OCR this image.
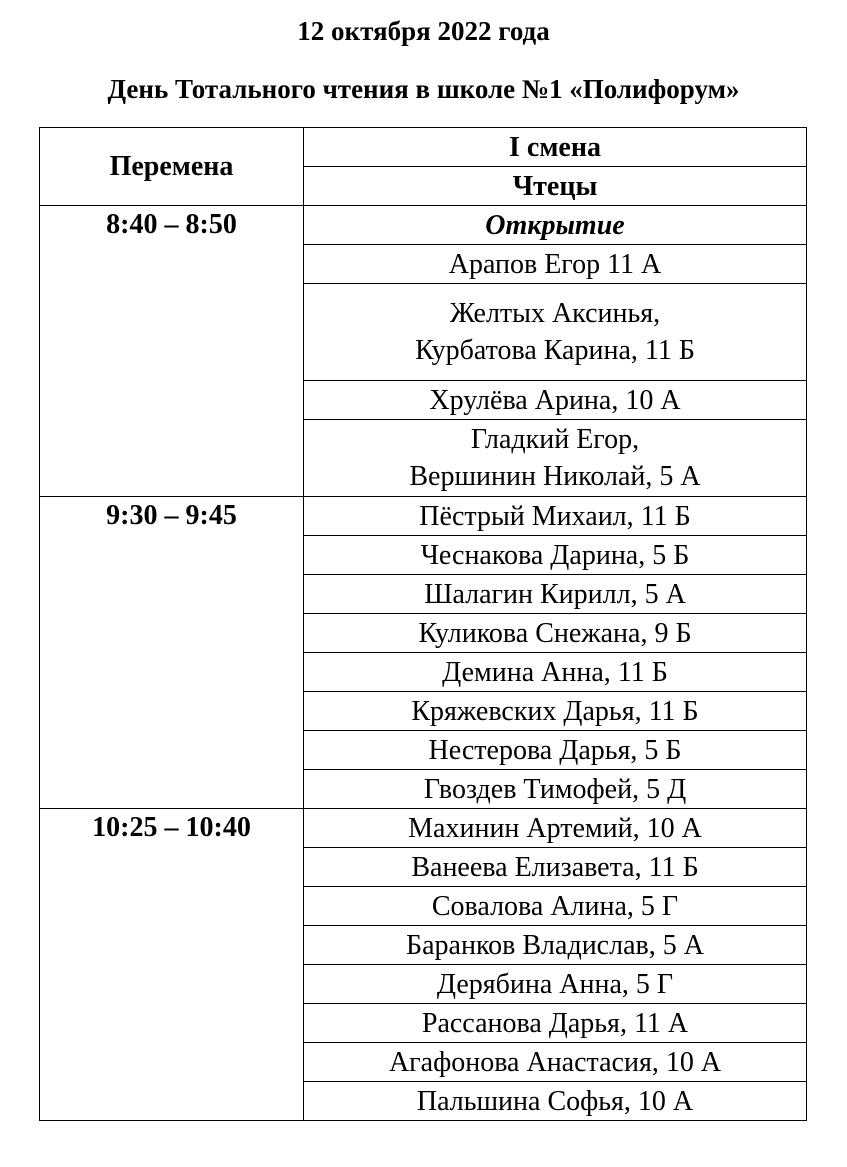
12 октября 2022 года
День Тотального чтения в школе №1 «Полифорум»
Перемена	I смена
	Чтецы
8:40 – 8:50	Открытие

	Арапов Егор 11 А

	Желтых Аксинья,
Курбатова Карина, 11 Б

	Хрулёва Арина, 10 А

	Гладкий Егор,
Вершинин Николай, 5 А

9:30 – 9:45	Пёстрый Михаил, 11 Б

	Чеснакова Дарина, 5 Б

	Шалагин Кирилл, 5 А

	Куликова Снежана, 9 Б

	Демина Анна, 11 Б

	Кряжевских Дарья, 11 Б

	Нестерова Дарья, 5 Б

	Гвоздев Тимофей, 5 Д

10:25 – 10:40	Махинин Артемий, 10 А

	Ванеева Елизавета, 11 Б

	Совалова Алина, 5 Г

	Баранков Владислав, 5 А

	Дерябина Анна, 5 Г

	Рассанова Дарья, 11 А

	Агафонова Анастасия, 10 А

	Пальшина Софья, 10 А
